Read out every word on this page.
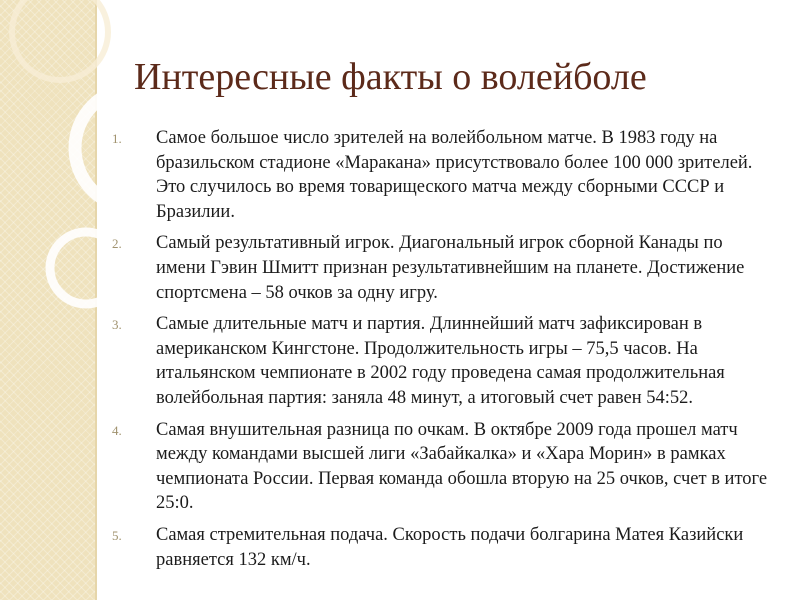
Интересные факты о волейболе
1. Самое большое число зрителей на волейбольном матче. В 1983 году на бразильском стадионе «Маракана» присутствовало более 100 000 зрителей. Это случилось во время товарищеского матча между сборными СССР и Бразилии.
2. Самый результативный игрок. Диагональный игрок сборной Канады по имени Гэвин Шмитт признан результативнейшим на планете. Достижение спортсмена – 58 очков за одну игру.
3. Самые длительные матч и партия. Длиннейший матч зафиксирован в американском Кингстоне. Продолжительность игры – 75,5 часов. На итальянском чемпионате в 2002 году проведена самая продолжительная волейбольная партия: заняла 48 минут, а итоговый счет равен 54:52.
4. Самая внушительная разница по очкам. В октябре 2009 года прошел матч между командами высшей лиги «Забайкалка» и «Хара Морин» в рамках чемпионата России. Первая команда обошла вторую на 25 очков, счет в итоге 25:0.
5. Самая стремительная подача. Скорость подачи болгарина Матея Казийски равняется 132 км/ч.
